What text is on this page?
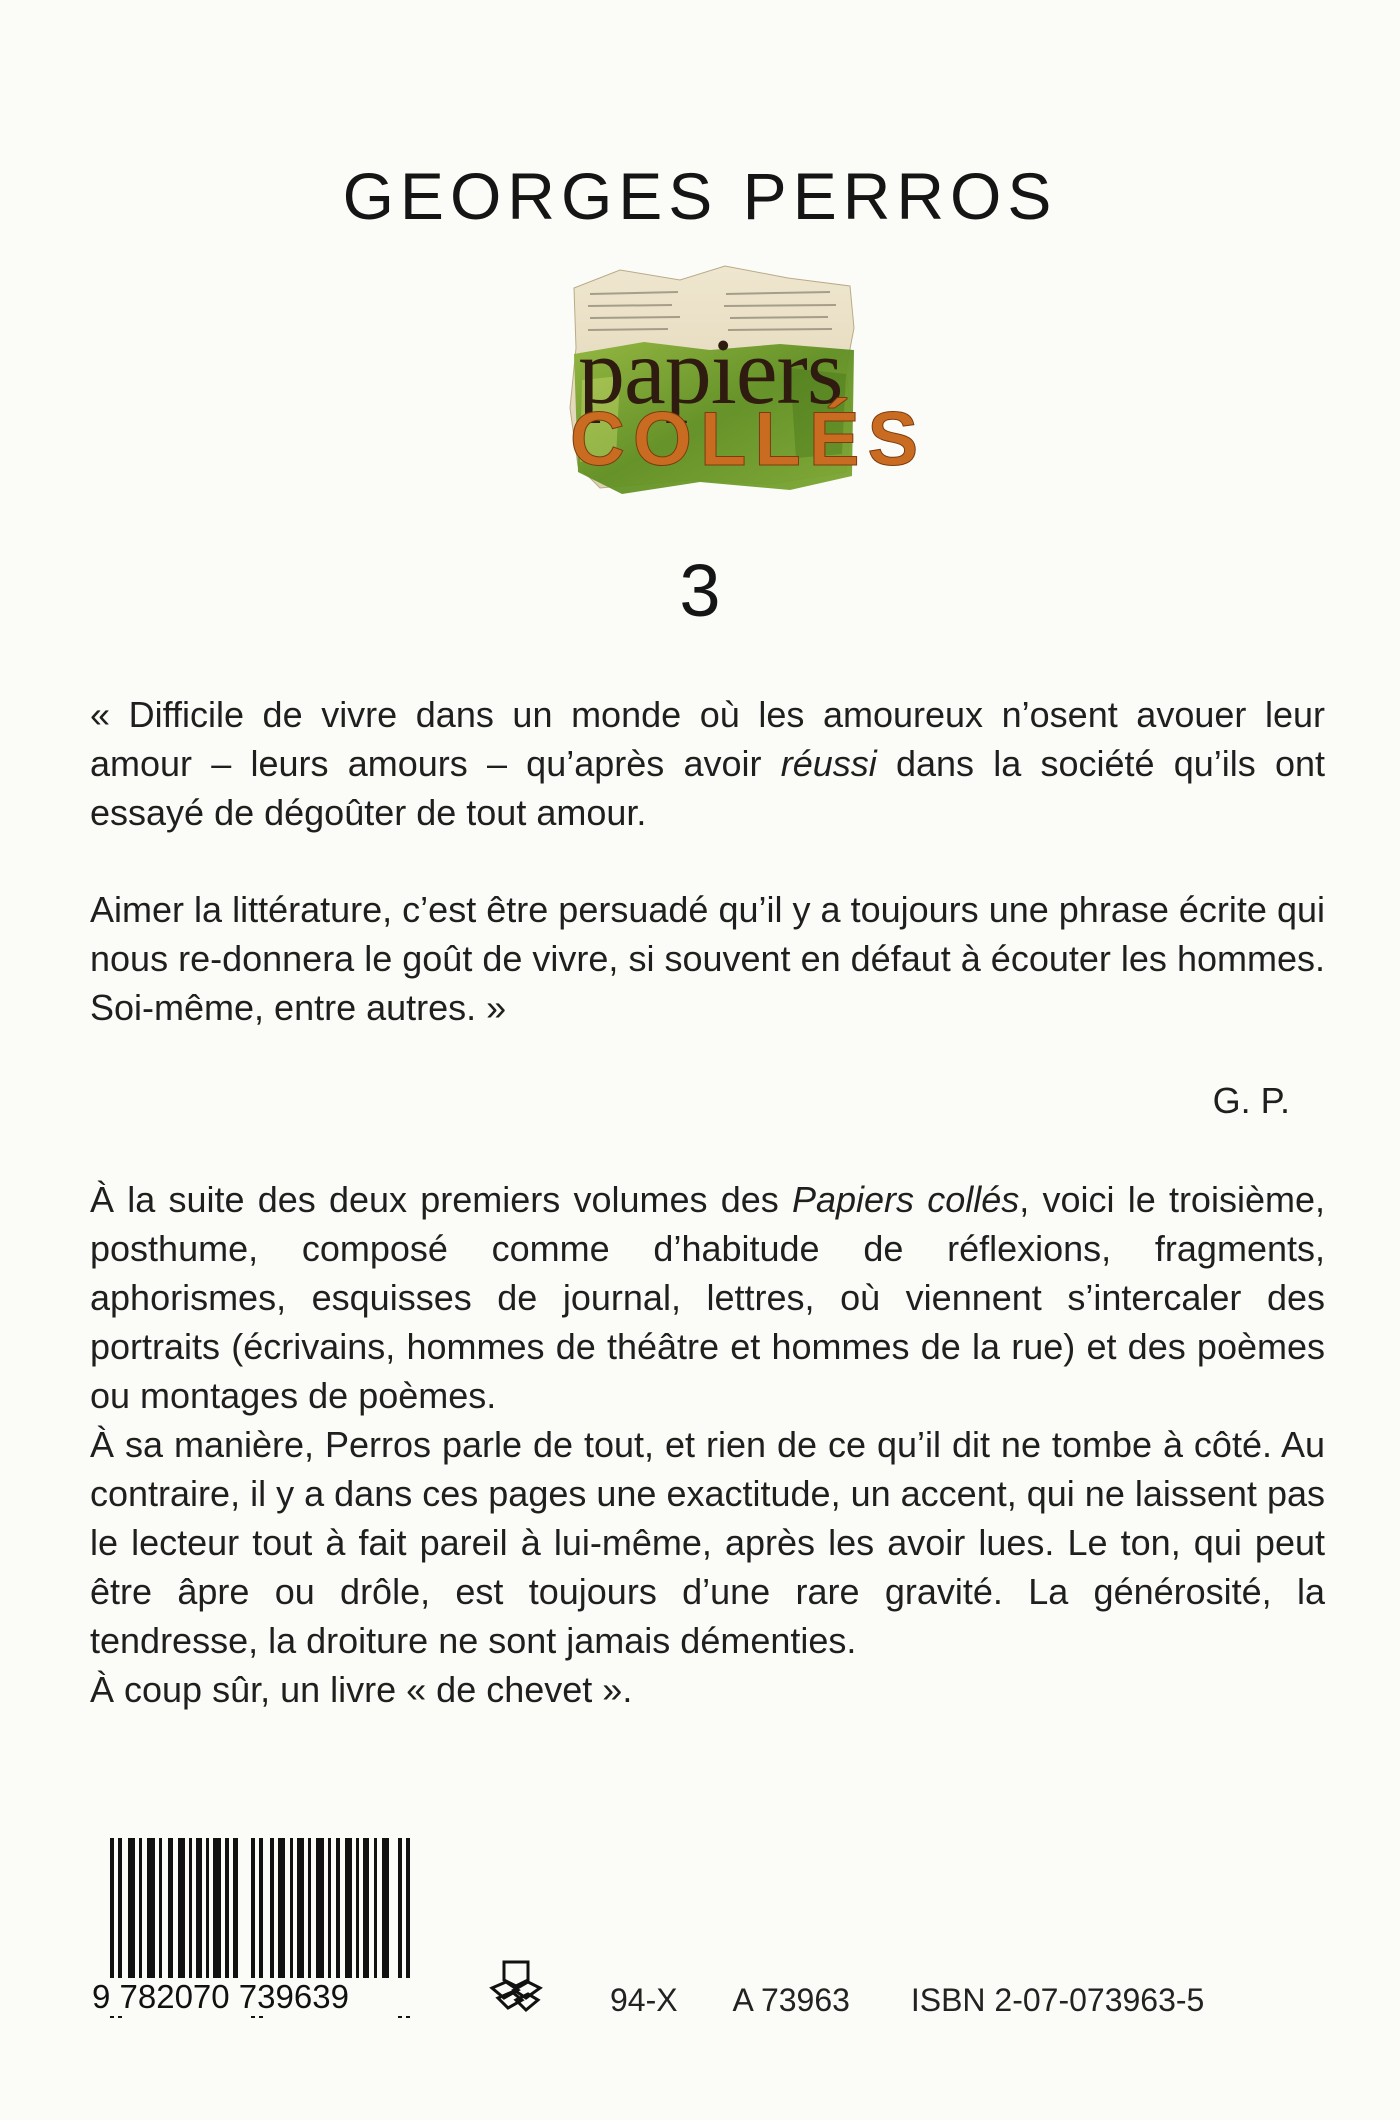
GEORGES PERROS
papiers
COLLÉS
3

« Difficile de vivre dans un monde où les amoureux n’osent avouer leur amour – leurs amours – qu’après avoir réussi dans la société qu’ils ont essayé de dégoûter de tout amour.

Aimer la littérature, c’est être persuadé qu’il y a toujours une phrase écrite qui nous re-donnera le goût de vivre, si souvent en défaut à écouter les hommes. Soi-même, entre autres. »

G. P.

À la suite des deux premiers volumes des Papiers collés, voici le troisième, posthume, composé comme d’habitude de réflexions, fragments, aphorismes, esquisses de journal, lettres, où viennent s’intercaler des portraits (écrivains, hommes de théâtre et hommes de la rue) et des poèmes ou montages de poèmes.

À sa manière, Perros parle de tout, et rien de ce qu’il dit ne tombe à côté. Au contraire, il y a dans ces pages une exactitude, un accent, qui ne laissent pas le lecteur tout à fait pareil à lui-même, après les avoir lues. Le ton, qui peut être âpre ou drôle, est toujours d’une rare gravité. La générosité, la tendresse, la droiture ne sont jamais démenties.

À coup sûr, un livre « de chevet ».

9 782070 739639	94-X A 73963 ISBN 2-07-073963-5
